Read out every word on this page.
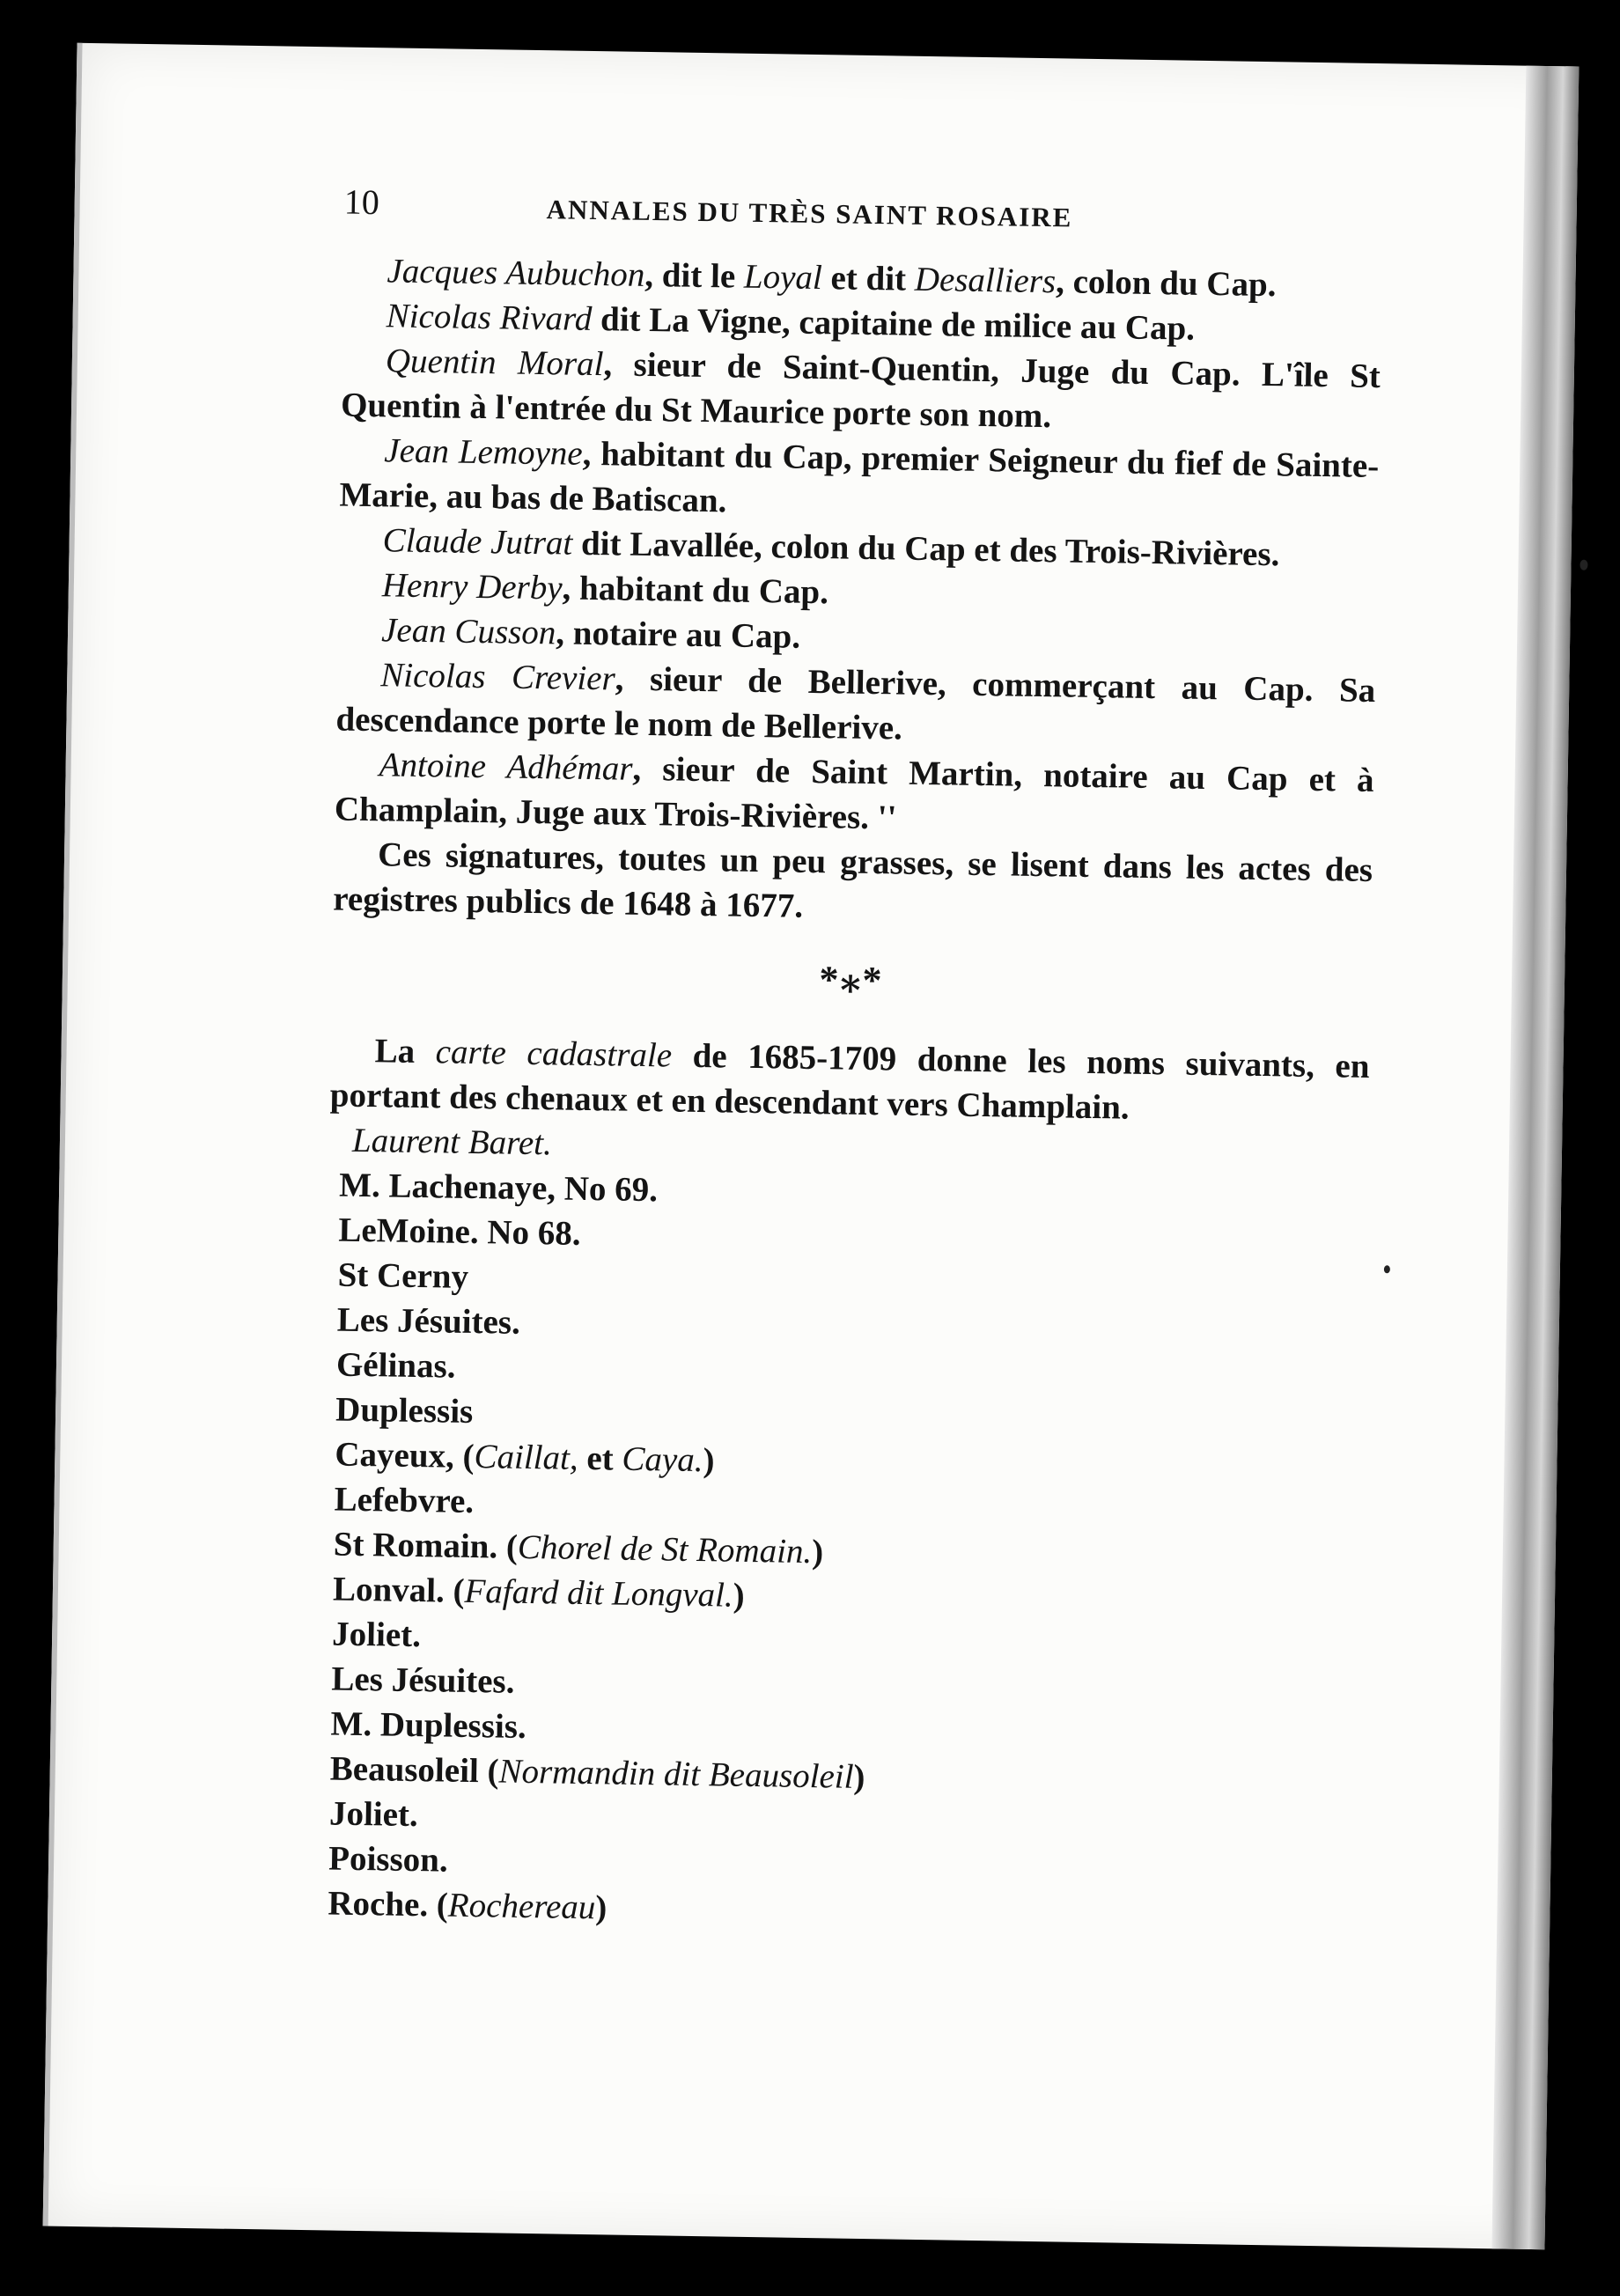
10	ANNALES DU TRÈS SAINT ROSAIRE

Jacques Aubuchon, dit le Loyal et dit Desalliers, colon du Cap.

Nicolas Rivard dit La Vigne, capitaine de milice au Cap.

Quentin Moral, sieur de Saint-Quentin, Juge du Cap. L'île St Quentin à l'entrée du St Maurice porte son nom.

Jean Lemoyne, habitant du Cap, premier Seigneur du fief de Sainte-Marie, au bas de Batiscan.

Claude Jutrat dit Lavallée, colon du Cap et des Trois-Rivières.

Henry Derby, habitant du Cap.

Jean Cusson, notaire au Cap.

Nicolas Crevier, sieur de Bellerive, commerçant au Cap. Sa descendance porte le nom de Bellerive.

Antoine Adhémar, sieur de Saint Martin, notaire au Cap et à Champlain, Juge aux Trois-Rivières. ''

Ces signatures, toutes un peu grasses, se lisent dans les actes des registres publics de 1648 à 1677.

*⁎*

La carte cadastrale de 1685-1709 donne les noms suivants, en portant des chenaux et en descendant vers Champlain.

Laurent Baret.

M. Lachenaye, No 69.

LeMoine. No 68.

St Cerny

Les Jésuites.

Gélinas.

Duplessis

Cayeux, (Caillat, et Caya.)

Lefebvre.

St Romain. (Chorel de St Romain.)

Lonval. (Fafard dit Longval.)

Joliet.

Les Jésuites.

M. Duplessis.

Beausoleil (Normandin dit Beausoleil)

Joliet.

Poisson.

Roche. (Rochereau)
